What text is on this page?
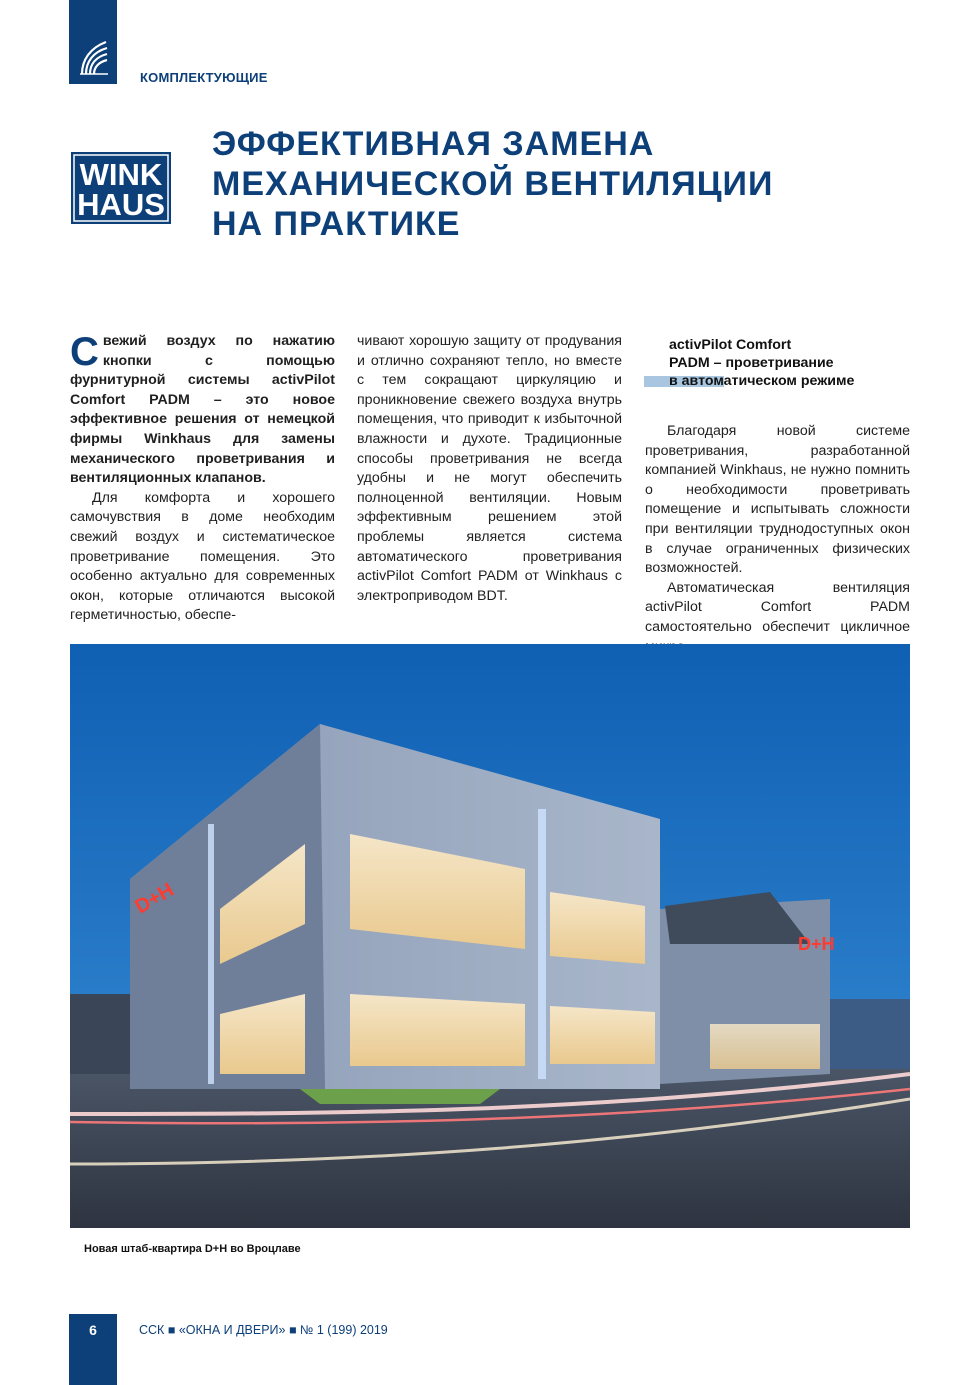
КОМПЛЕКТУЮЩИЕ
WINK
HAUS
ЭФФЕКТИВНАЯ ЗАМЕНА
МЕХАНИЧЕСКОЙ ВЕНТИЛЯЦИИ
НА ПРАКТИКЕ

Свежий воздух по нажатию кнопки с помощью фурнитурной системы activPilot Comfort PADM – это новое эффективное решения от немецкой фирмы Winkhaus для замены механического проветривания и вентиляционных клапанов.

Для комфорта и хорошего самочувствия в доме необходим свежий воздух и систематическое проветривание помещения. Это особенно актуально для современных окон, которые отличаются высокой герметичностью, обеспе-

чивают хорошую защиту от продувания и отлично сохраняют тепло, но вместе с тем сокращают циркуляцию и проникновение свежего воздуха внутрь помещения, что приводит к избыточной влажности и духоте. Традиционные способы проветривания не всегда удобны и не могут обеспечить полноценной вентиляции. Новым эффективным решением этой проблемы является система автоматического проветривания activPilot Comfort PADM от Winkhaus с электроприводом BDT.

activPilot Comfort
PADM – проветривание
в автоматическом режиме

Благодаря новой системе проветривания, разработанной компанией Winkhaus, не нужно помнить о необходимости проветривать помещение и испытывать сложности при вентиляции труднодоступных окон в случае ограниченных физических возможностей.

Автоматическая вентиляция activPilot Comfort PADM самостоятельно обеспечит цикличное

D+H
D+H
Новая штаб-квартира D+H во Вроцлаве
6	ССК ■ «ОКНА И ДВЕРИ» ■ № 1 (199) 2019
